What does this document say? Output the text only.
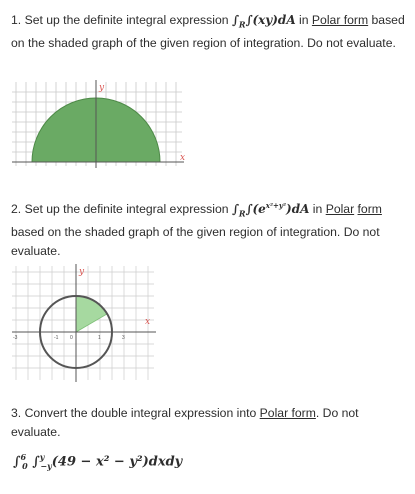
1. Set up the definite integral expression $\int_R\int(xy)dA$ in Polar form based on the shaded graph of the given region of integration. Do not evaluate.
y
x
2. Set up the definite integral expression $\int_R\int(e^{x^2+y^2})dA$ in Polar form based on the shaded graph of the given region of integration. Do not evaluate.
y
x
-3	-1 0	1	3
3. Convert the double integral expression into Polar form. Do not evaluate.
∫$^6_0$ ∫$^y_{-y}$(49 − x² − y²)dxdy
